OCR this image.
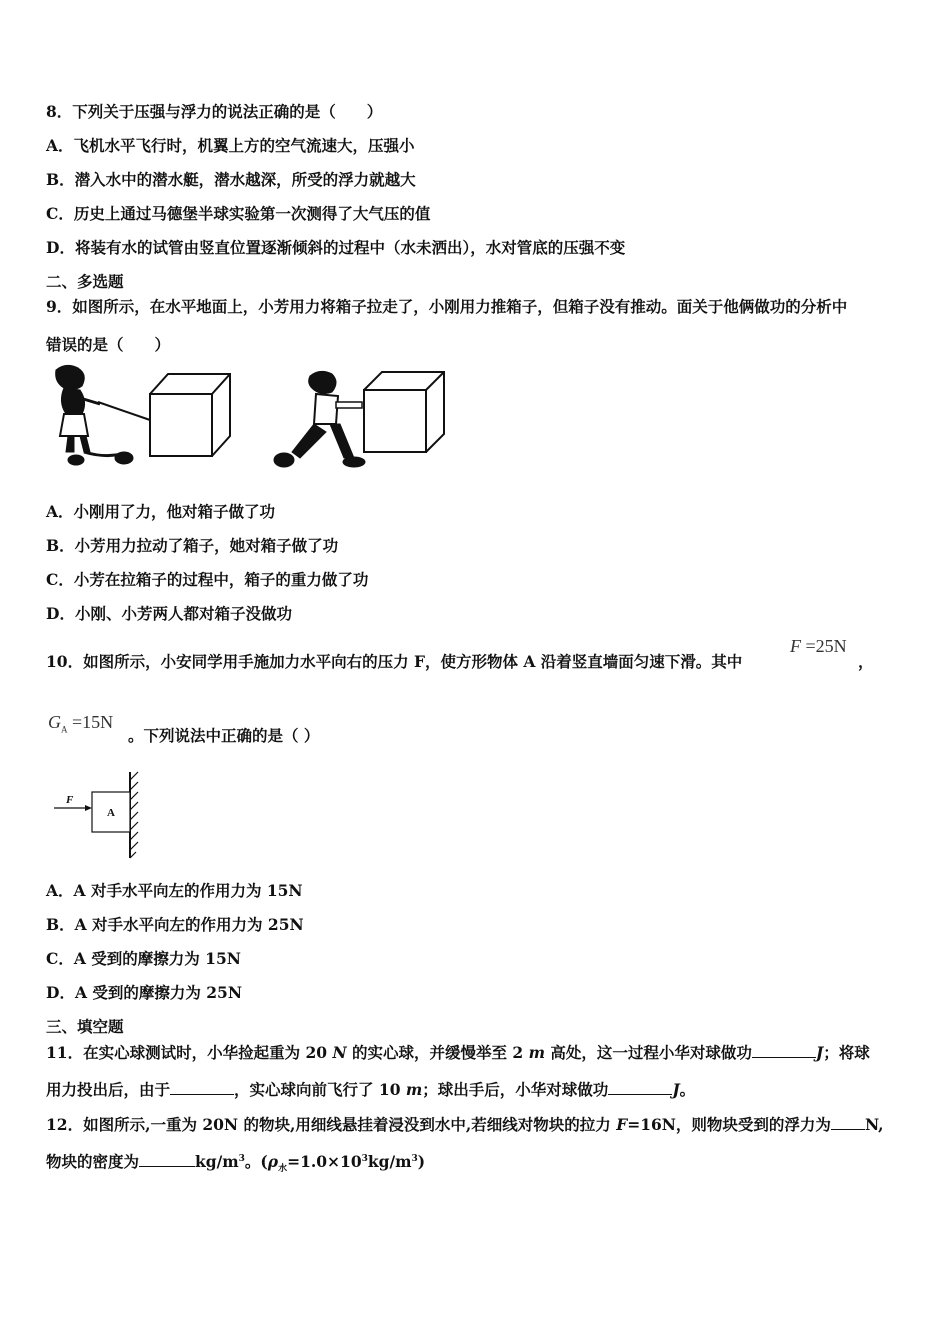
8．下列关于压强与浮力的说法正确的是（　　）
A．飞机水平飞行时，机翼上方的空气流速大，压强小
B．潜入水中的潜水艇，潜水越深，所受的浮力就越大
C．历史上通过马德堡半球实验第一次测得了大气压的值
D．将装有水的试管由竖直位置逐渐倾斜的过程中（水未洒出），水对管底的压强不变
二、多选题
9．如图所示，在水平地面上，小芳用力将箱子拉走了，小刚用力推箱子，但箱子没有推动。面关于他俩做功的分析中
错误的是（　　）
A．小刚用了力，他对箱子做了功
B．小芳用力拉动了箱子，她对箱子做了功
C．小芳在拉箱子的过程中，箱子的重力做了功
D．小刚、小芳两人都对箱子没做功
10．如图所示，小安同学用手施加力水平向右的压力 F，使方形物体 A 沿着竖直墙面匀速下滑。其中
F =25N
，
$G_A =15N$
。下列说法中正确的是（ ）
A
F
A．A 对手水平向左的作用力为 15N
B．A 对手水平向左的作用力为 25N
C．A 受到的摩擦力为 15N
D．A 受到的摩擦力为 25N
三、填空题
11．在实心球测试时，小华捡起重为 20 N 的实心球，并缓慢举至 2 m 高处，这一过程小华对球做功	J；将球
用力投出后，由于	，实心球向前飞行了 10 m；球出手后，小华对球做功	J。
12．如图所示,一重为 20N 的物块,用细线悬挂着浸没到水中,若细线对物块的拉力 F=16N，则物块受到的浮力为 N,
物块的密度为	$kg/m^3$。$(\rho_水=1.0\times 10^3kg/m^3)$
